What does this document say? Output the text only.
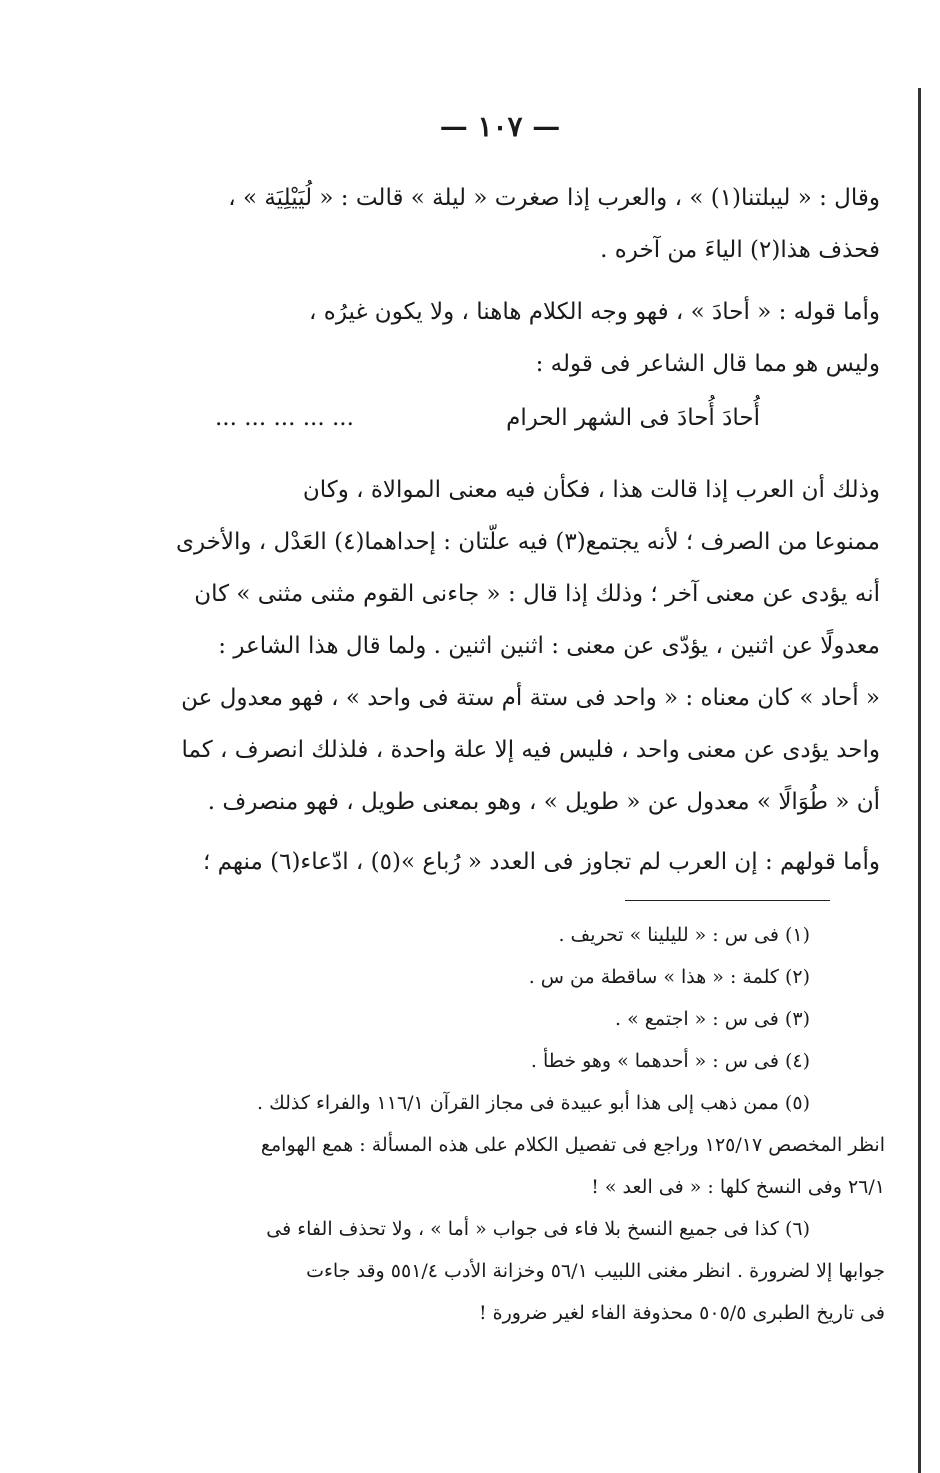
— ١٠٧ —

وقال : « ليبلتنا(١) » ، والعرب إذا صغرت « ليلة » قالت : « لُيَيْلِيَة » ،

فحذف هذا(٢) الياءَ من آخره .

وأما قوله : « أحادَ » ، فهو وجه الكلام هاهنا ، ولا يكون غيرُه ،

وليس هو مما قال الشاعر فى قوله :

وذلك أن العرب إذا قالت هذا ، فكأن فيه معنى الموالاة ، وكان

ممنوعا من الصرف ؛ لأنه يجتمع(٣) فيه علّتان : إحداهما(٤) العَدْل ، والأخرى

أنه يؤدى عن معنى آخر ؛ وذلك إذا قال : « جاءنى القوم مثنى مثنى » كان

معدولًا عن اثنين ، يؤدّى عن معنى : اثنين اثنين . ولما قال هذا الشاعر :

« أحاد » كان معناه : « واحد فى ستة أم ستة فى واحد » ، فهو معدول عن

واحد يؤدى عن معنى واحد ، فليس فيه إلا علة واحدة ، فلذلك انصرف ، كما

أن « طُوَالًا » معدول عن « طويل » ، وهو بمعنى طويل ، فهو منصرف .

وأما قولهم : إن العرب لم تجاوز فى العدد « رُباع »(٥) ، ادّعاء(٦) منهم ؛

أُحادَ أُحادَ فى الشهر الحرام
... ... ... ... ...

(١) فى س : « لليلينا » تحريف .

(٢) كلمة : « هذا » ساقطة من س .

(٣) فى س : « اجتمع » .

(٤) فى س : « أحدهما » وهو خطأ .

(٥) ممن ذهب إلى هذا أبو عبيدة فى مجاز القرآن ١١٦/١ والفراء كذلك .

انظر المخصص ١٢٥/١٧ وراجع فى تفصيل الكلام على هذه المسألة : همع الهوامع

٢٦/١ وفى النسخ كلها : « فى العد » !

(٦) كذا فى جميع النسخ بلا فاء فى جواب « أما » ، ولا تحذف الفاء فى

جوابها إلا لضرورة . انظر مغنى اللبيب ٥٦/١ وخزانة الأدب ٥٥١/٤ وقد جاءت

فى تاريخ الطبرى ٥٠٥/٥ محذوفة الفاء لغير ضرورة !
